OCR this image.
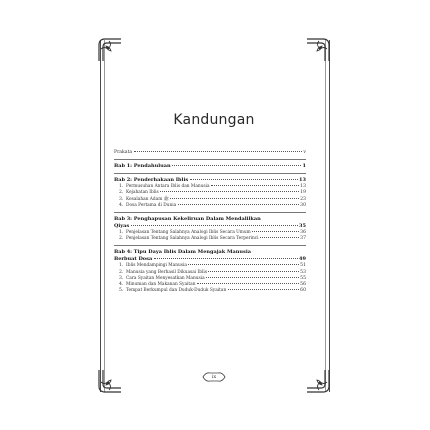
Kandungan
Prakata	v
Bab 1: Pendahuluan	1
Bab 2: Penderhakaan Iblis	13
1. Permusuhan Antara Iblis dan Manusia	13
2. Kejahatan Iblis	19
3. Kesalahan Adam ﷺ	23
4. Dosa Pertama di Dunia	30
Bab 3: Penghapusan Kekeliruan Dalam Mendalilkan
Qiyas	35
1. Penjelasan Tentang Salahnya Analogi Iblis Secara Umum	36
2. Penjelasan Tentang Salahnya Analogi Iblis Secara Terperinci	37
Bab 4: Tipu Daya Iblis Dalam Mengajak Manusia
Berbuat Dosa	49
1. Iblis Mendampingi Manusia	51
2. Manusia yang Berhasil Dikuasai Iblis	53
3. Cara Syaitan Menyesatkan Manusia	55
4. Minuman dan Makanan Syaitan	56
5. Tempat Berkumpul dan Duduk-Duduk Syaitan	60
ix
